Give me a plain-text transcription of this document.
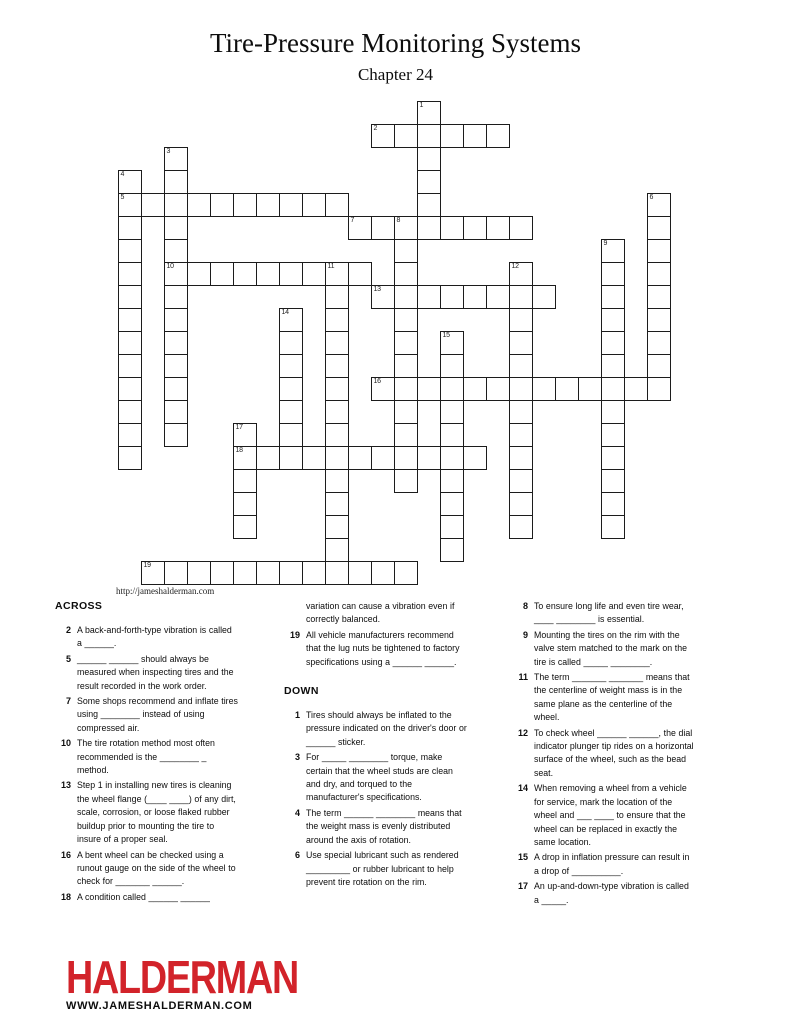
Tire-Pressure Monitoring Systems
Chapter 24
1
2
3
10
4
5	6
7	8
9
11	12
13
14
15
16
17
18
19
http://jameshalderman.com
ACROSS
2 A back-and-forth-type vibration is called a ______.
5 ______ ______ should always be measured when inspecting tires and the result recorded in the work order.
7 Some shops recommend and inflate tires using ________ instead of using compressed air.
10 The tire rotation method most often recommended is the ________ _ method.
13 Step 1 in installing new tires is cleaning the wheel flange (____ ____) of any dirt, scale, corrosion, or loose flaked rubber buildup prior to mounting the tire to insure of a proper seal.
16 A bent wheel can be checked using a runout gauge on the side of the wheel to check for _______ ______.
18 A condition called ______ ______
variation can cause a vibration even if correctly balanced.
19 All vehicle manufacturers recommend that the lug nuts be tightened to factory specifications using a ______ ______.
DOWN
1 Tires should always be inflated to the pressure indicated on the driver's door or ______ sticker.
3 For _____ ________ torque, make certain that the wheel studs are clean and dry, and torqued to the manufacturer's specifications.
4 The term ______ ________ means that the weight mass is evenly distributed around the axis of rotation.
6 Use special lubricant such as rendered _________ or rubber lubricant to help prevent tire rotation on the rim.
8 To ensure long life and even tire wear, ____ ________ is essential.
9 Mounting the tires on the rim with the valve stem matched to the mark on the tire is called _____ ________.
11 The term _______ _______ means that the centerline of weight mass is in the same plane as the centerline of the wheel.
12 To check wheel ______ ______, the dial indicator plunger tip rides on a horizontal surface of the wheel, such as the bead seat.
14 When removing a wheel from a vehicle for service, mark the location of the wheel and ___ ____ to ensure that the wheel can be replaced in exactly the same location.
15 A drop in inflation pressure can result in a drop of __________.
17 An up-and-down-type vibration is called a _____.
HALDERMAN
WWW.JAMESHALDERMAN.COM
